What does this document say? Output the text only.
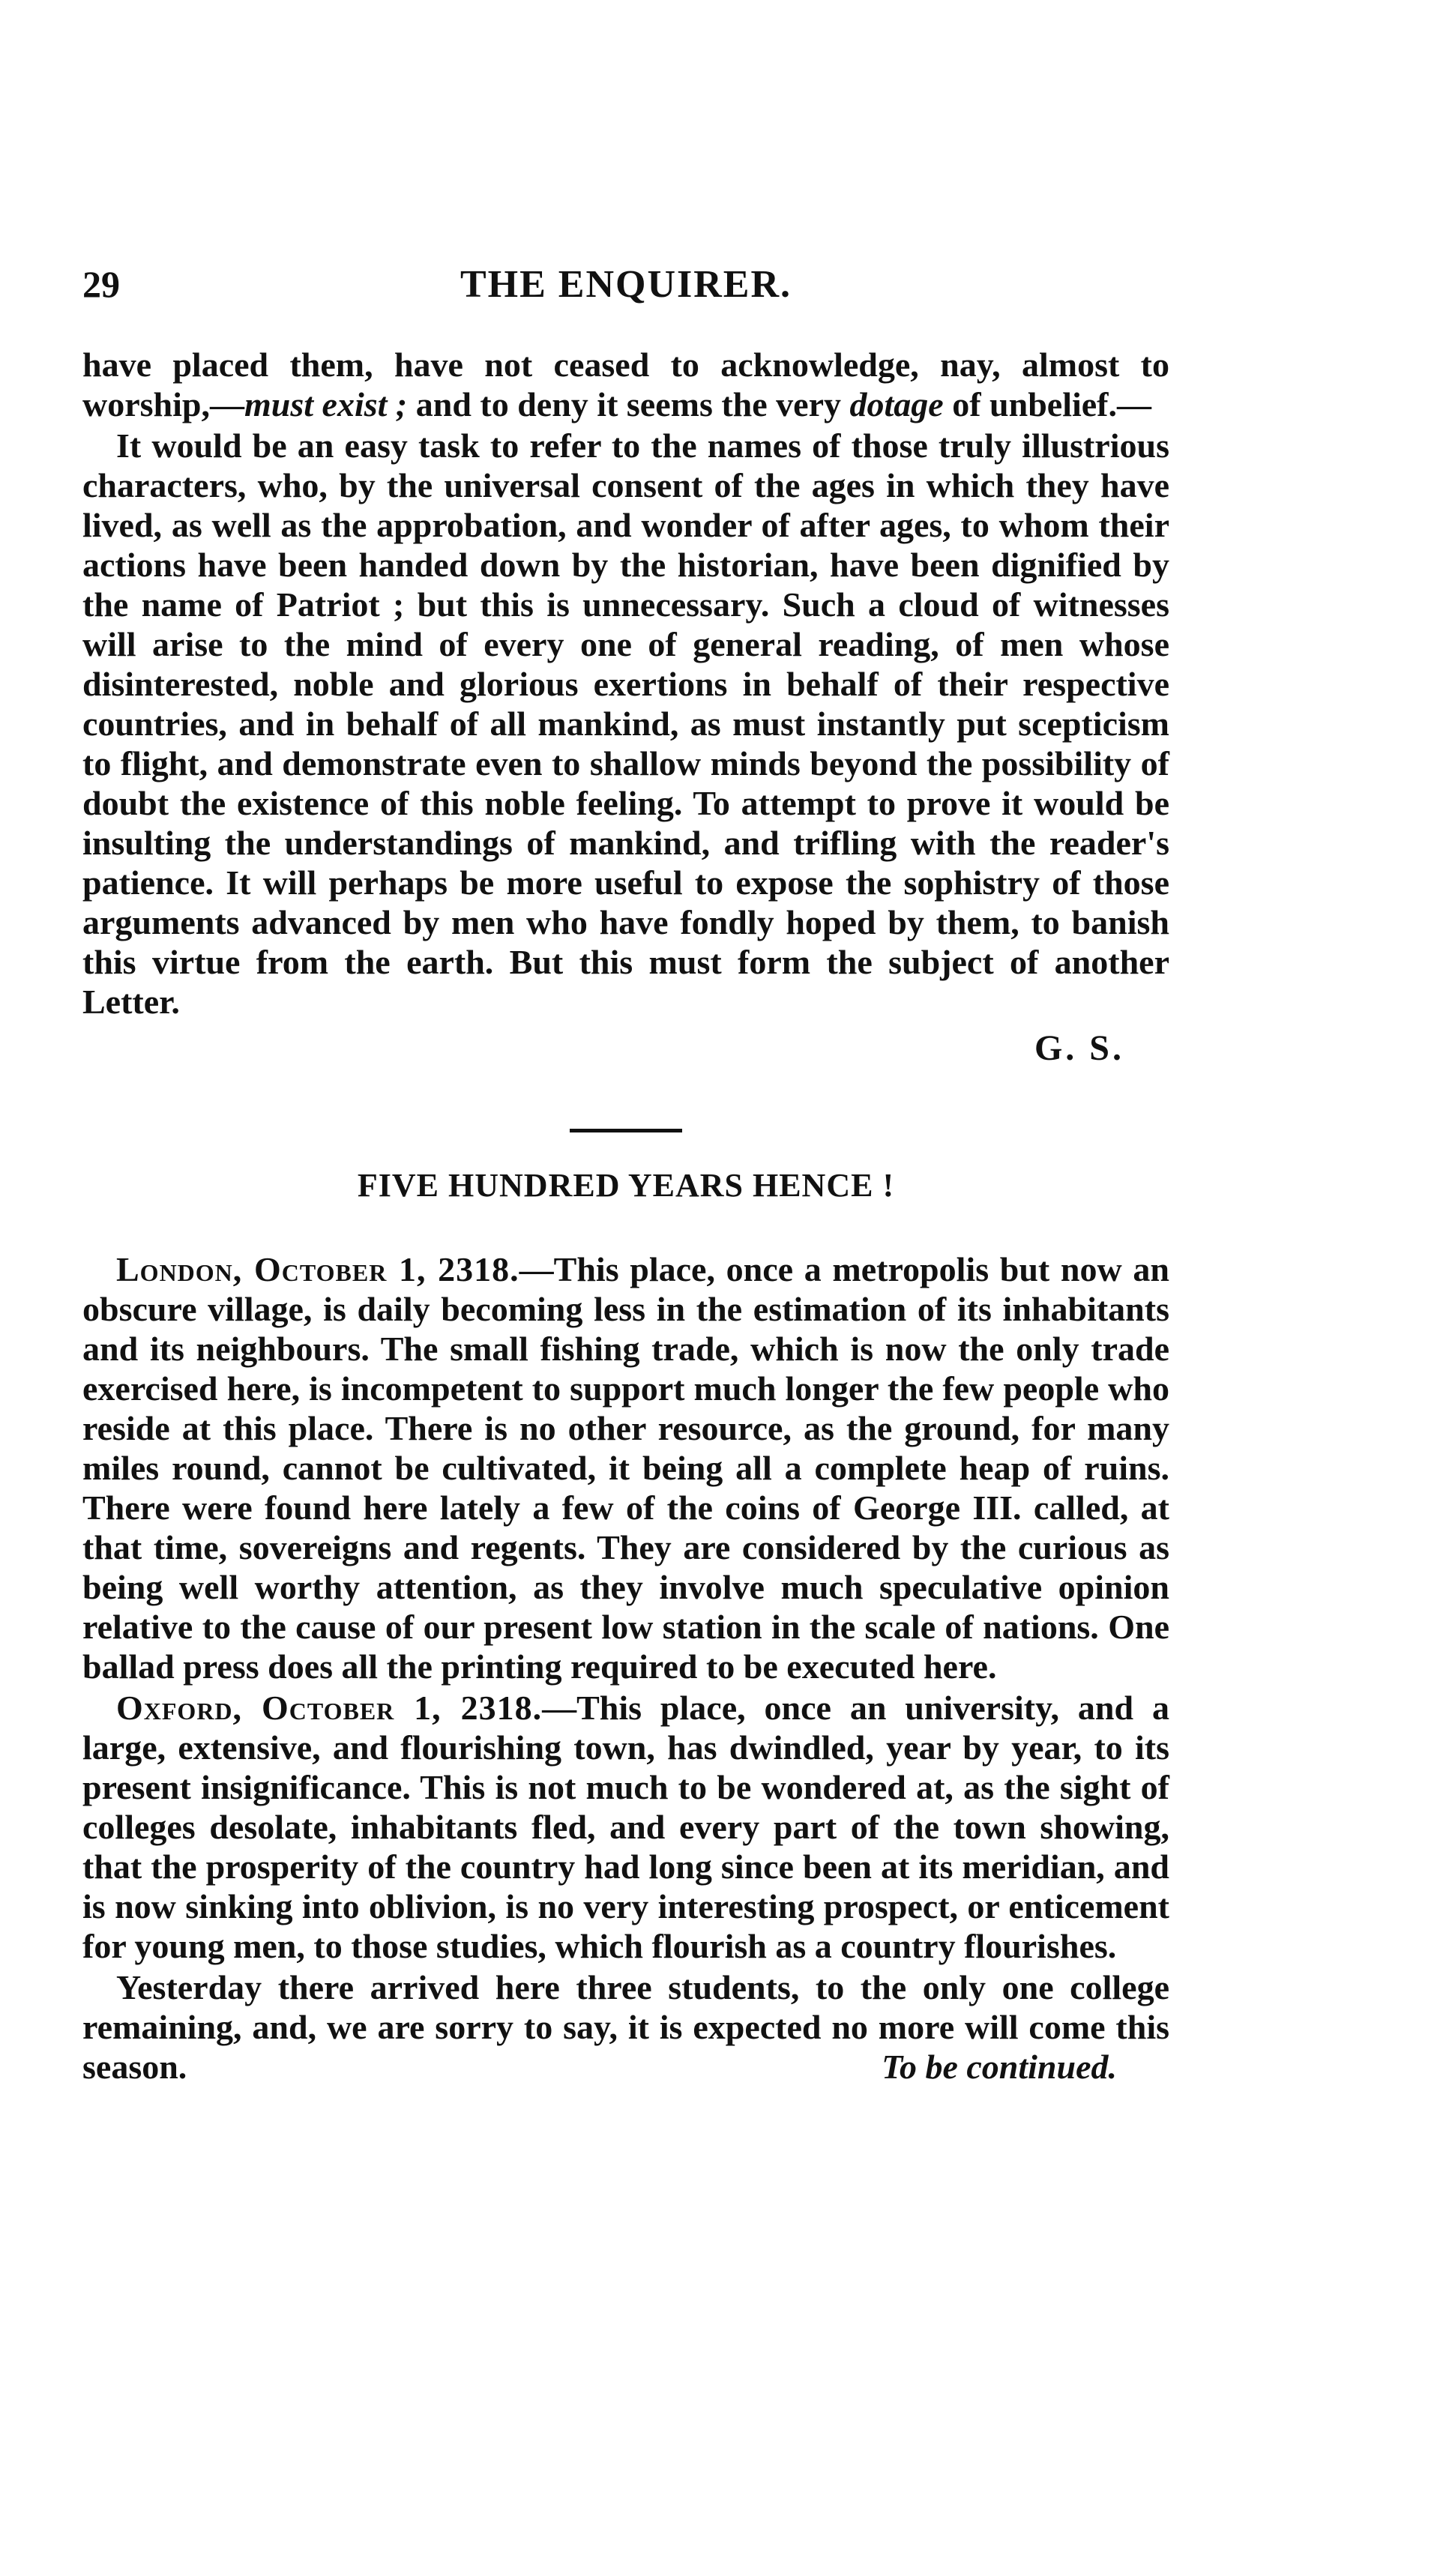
29	THE ENQUIRER.

have placed them, have not ceased to acknowledge, nay, almost to worship,—must exist ; and to deny it seems the very dotage of unbelief.—

It would be an easy task to refer to the names of those truly illustrious characters, who, by the universal consent of the ages in which they have lived, as well as the approbation, and wonder of after ages, to whom their actions have been handed down by the historian, have been dignified by the name of Patriot ; but this is unnecessary. Such a cloud of witnesses will arise to the mind of every one of general reading, of men whose disinterested, noble and glorious exertions in behalf of their respective countries, and in behalf of all mankind, as must instantly put scepticism to flight, and demonstrate even to shallow minds beyond the possibility of doubt the existence of this noble feeling. To attempt to prove it would be insulting the understandings of mankind, and trifling with the reader's patience. It will perhaps be more useful to expose the sophistry of those arguments advanced by men who have fondly hoped by them, to banish this virtue from the earth. But this must form the subject of another Letter.

G. S.
FIVE HUNDRED YEARS HENCE !

London, October 1, 2318.—This place, once a metropolis but now an obscure village, is daily becoming less in the estimation of its inhabitants and its neighbours. The small fishing trade, which is now the only trade exercised here, is incompetent to support much longer the few people who reside at this place. There is no other resource, as the ground, for many miles round, cannot be cultivated, it being all a complete heap of ruins. There were found here lately a few of the coins of George III. called, at that time, sovereigns and regents. They are considered by the curious as being well worthy attention, as they involve much speculative opinion relative to the cause of our present low station in the scale of nations. One ballad press does all the printing required to be executed here.

Oxford, October 1, 2318.—This place, once an university, and a large, extensive, and flourishing town, has dwindled, year by year, to its present insignificance. This is not much to be wondered at, as the sight of colleges desolate, inhabitants fled, and every part of the town showing, that the prosperity of the country had long since been at its meridian, and is now sinking into oblivion, is no very interesting prospect, or enticement for young men, to those studies, which flourish as a country flourishes.

Yesterday there arrived here three students, to the only one college remaining, and, we are sorry to say, it is expected no more will come this season.	To be continued.
